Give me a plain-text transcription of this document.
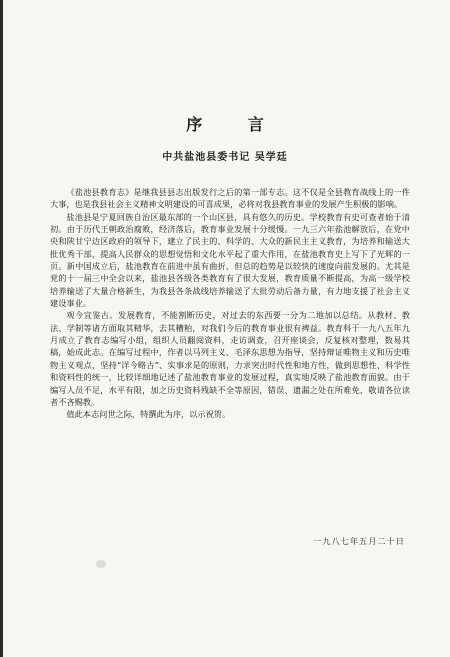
序 言
中共盐池县委书记 吴学廷

《盐池县教育志》是继我县县志出版发行之后的第一部专志。这不仅是全县教育战线上的一件大事，也是我县社会主义精神文明建设的可喜成果，必将对我县教育事业的发展产生积极的影响。

盐池县是宁夏回族自治区最东部的一个山区县，具有悠久的历史。学校教育有史可查者始于清初。由于历代王朝政治腐败，经济落后，教育事业发展十分缓慢。一九三六年盐池解放后，在党中央和陕甘宁边区政府的领导下，建立了民主的、科学的、大众的新民主主义教育，为培养和输送大批优秀干部，提高人民群众的思想觉悟和文化水平起了重大作用，在盐池教育史上写下了光辉的一页。新中国成立后，盐池教育在前进中虽有曲折，但总的趋势是以较快的速度向前发展的。尤其是党的十一届三中全会以来，盐池县各级各类教育有了很大发展，教育质量不断提高，为高一级学校培养输送了大量合格新生，为我县各条战线培养输送了大批劳动后备力量，有力地支援了社会主义建设事业。

观今宜鉴古。发展教育，不能割断历史，对过去的东西要一分为二地加以总结。从教材、教法、学制等诸方面取其精华，去其糟粕，对我们今后的教育事业很有裨益。教育科于一九八五年九月成立了教育志编写小组，组织人员翻阅资料，走访调查，召开座谈会，反复核对整理，数易其稿，始成此志。在编写过程中，作者以马列主义、毛泽东思想为指导，坚持辩证唯物主义和历史唯物主义观点，坚持“详今略古”、实事求是的原则，力求突出时代性和地方性，做到思想性、科学性和资料性的统一，比较详细地记述了盐池教育事业的发展过程，真实地反映了盐池教育面貌。由于编写人员不足，水平有限，加之历史资料残缺不全等原因，错误、遗漏之处在所难免，敬请各位读者不吝赐教。

值此本志问世之际，特撰此为序，以示祝贺。

一九八七年五月二十日
